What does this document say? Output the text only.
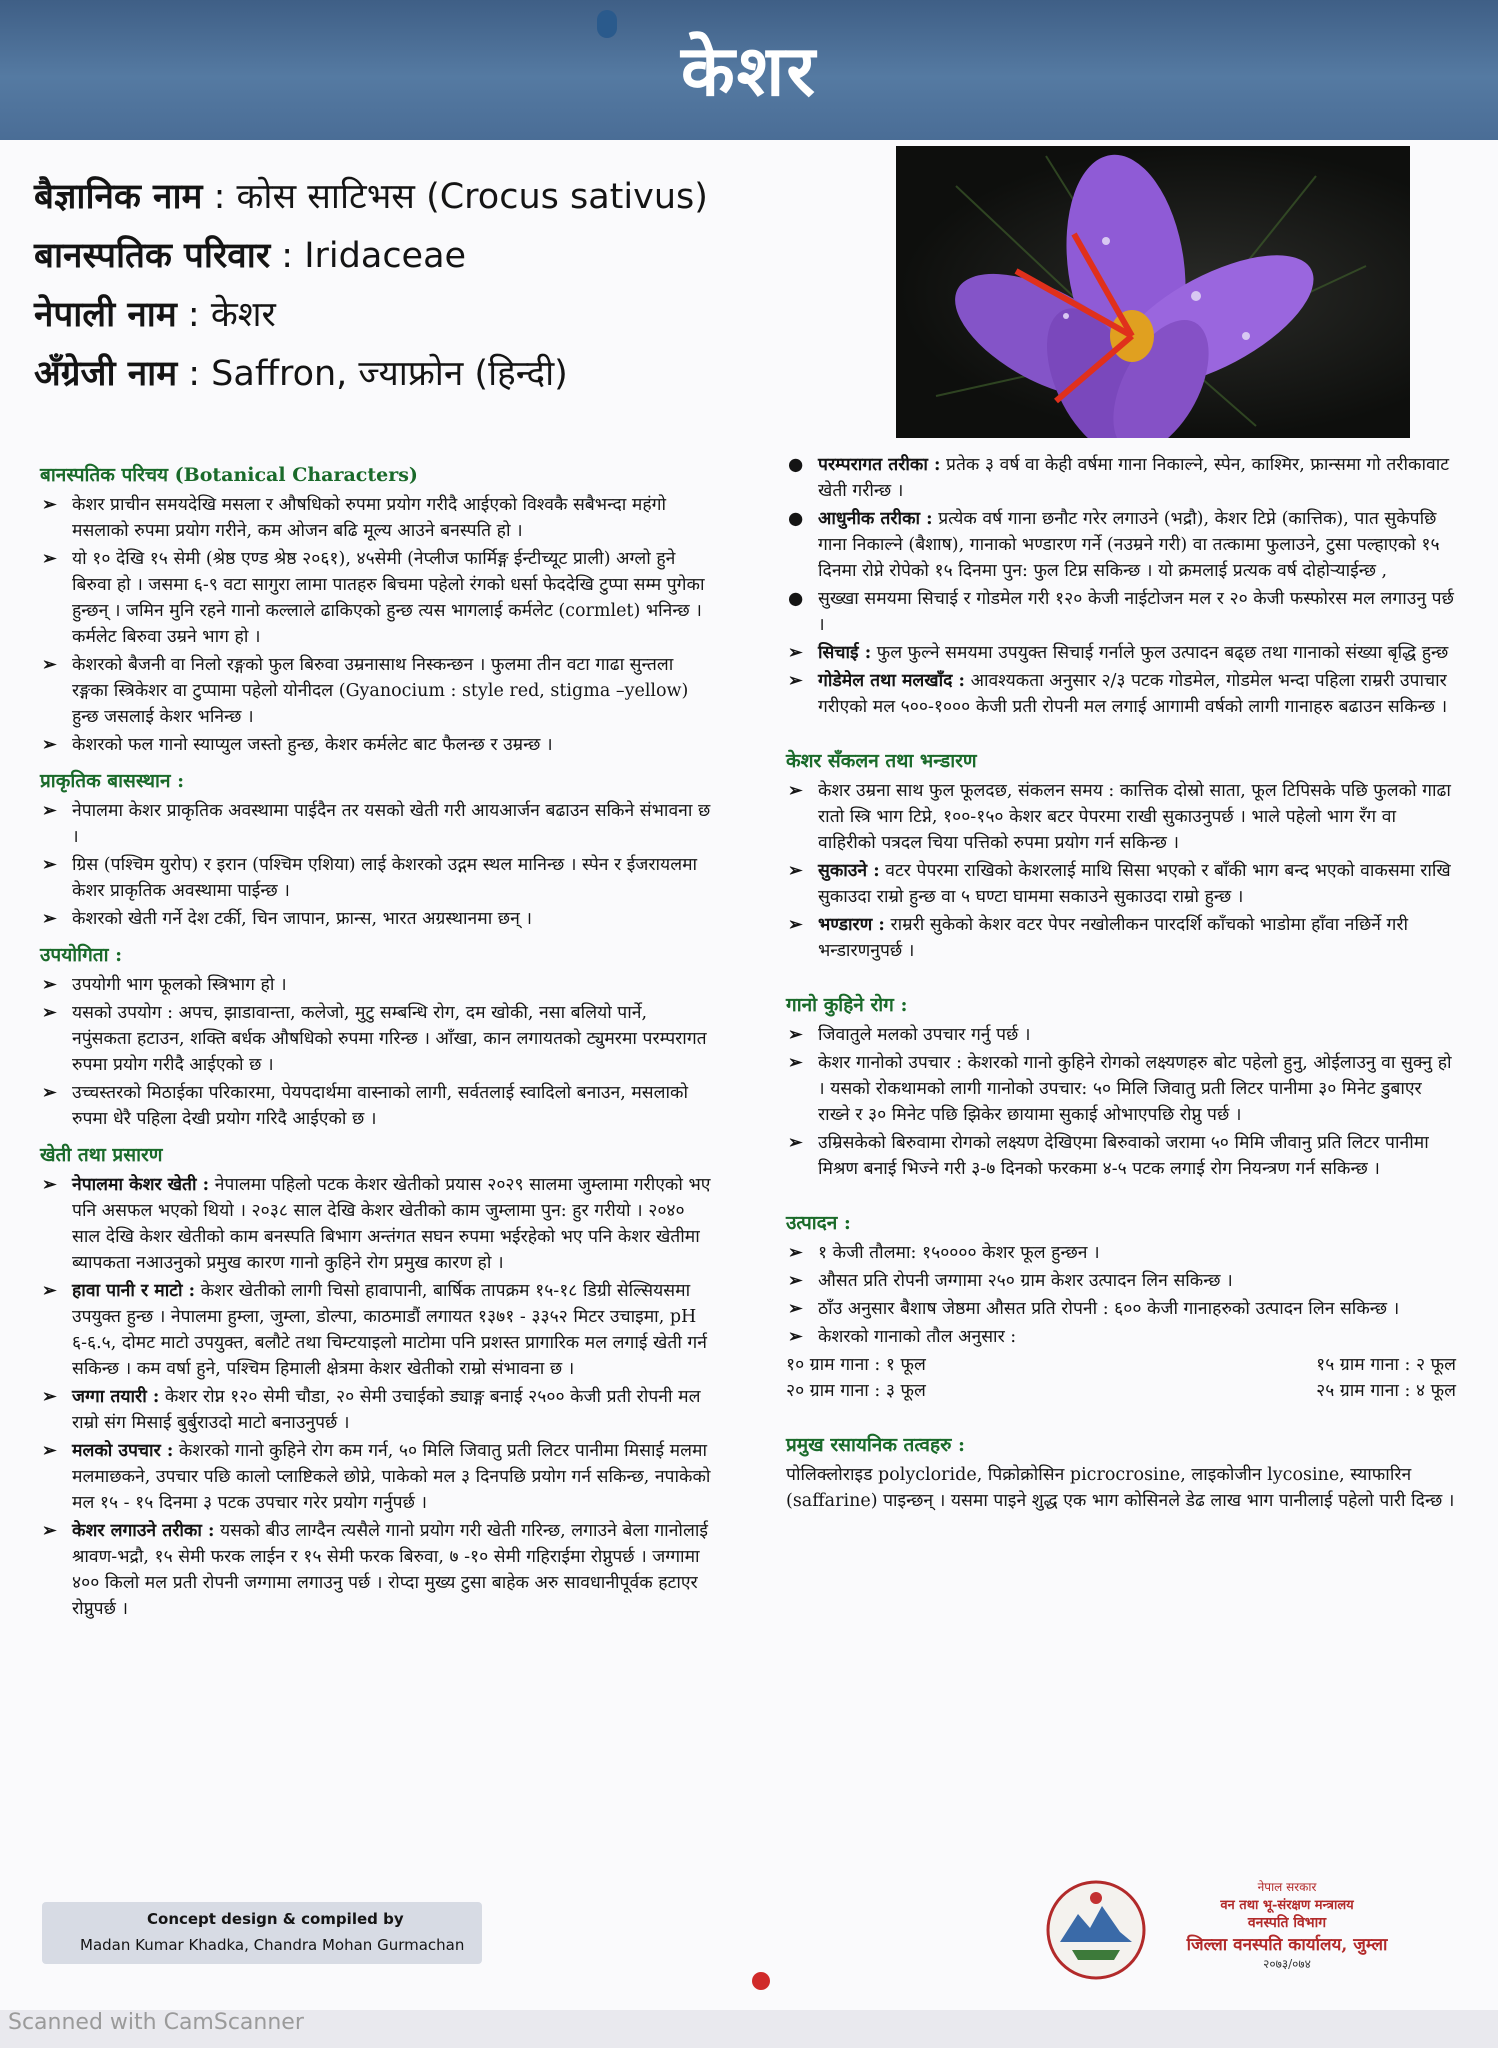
केशर
बैज्ञानिक नाम : कोस साटिभस (Crocus sativus)
बानस्पतिक परिवार : Iridaceae
नेपाली नाम : केशर
अँग्रेजी नाम : Saffron, ज्याफ्रोन (हिन्दी)
बानस्पतिक परिचय (Botanical Characters)
➢ केशर प्राचीन समयदेखि मसला र औषधिको रुपमा प्रयोग गरीदै आईएको विश्वकै सबैभन्दा महंगो मसलाको रुपमा प्रयोग गरीने, कम ओजन बढि मूल्य आउने बनस्पति हो ।
➢ यो १० देखि १५ सेमी (श्रेष्ठ एण्ड श्रेष्ठ २०६१), ४५सेमी (नेप्लीज फार्मिङ्ग ईन्टीच्यूट प्राली) अग्लो हुने बिरुवा हो । जसमा ६-९ वटा सागुरा लामा पातहरु बिचमा पहेलो रंगको धर्सा फेददेखि टुप्पा सम्म पुगेका हुन्छन् । जमिन मुनि रहने गानो कल्लाले ढाकिएको हुन्छ त्यस भागलाई कर्मलेट (cormlet) भनिन्छ । कर्मलेट बिरुवा उम्रने भाग हो ।
➢ केशरको बैजनी वा निलो रङ्गको फुल बिरुवा उम्रनासाथ निस्कन्छन । फुलमा तीन वटा गाढा सुन्तला रङ्गका स्त्रिकेशर वा टुप्पामा पहेलो योनीदल (Gyanocium : style red, stigma –yellow) हुन्छ जसलाई केशर भनिन्छ ।
➢ केशरको फल गानो स्याप्युल जस्तो हुन्छ, केशर कर्मलेट बाट फैलन्छ र उम्रन्छ ।
प्राकृतिक बासस्थान :
➢ नेपालमा केशर प्राकृतिक अवस्थामा पाईदैन तर यसको खेती गरी आयआर्जन बढाउन सकिने संभावना छ ।
➢ ग्रिस (पश्चिम युरोप) र इरान (पश्चिम एशिया) लाई केशरको उद्गम स्थल मानिन्छ । स्पेन र ईजरायलमा केशर प्राकृतिक अवस्थामा पाईन्छ ।
➢ केशरको खेती गर्ने देश टर्की, चिन जापान, फ्रान्स, भारत अग्रस्थानमा छन् ।
उपयोगिता :
➢ उपयोगी भाग फूलको स्त्रिभाग हो ।
➢ यसको उपयोग : अपच, झाडावान्ता, कलेजो, मुटु सम्बन्धि रोग, दम खोकी, नसा बलियो पार्ने, नपुंसकता हटाउन, शक्ति बर्धक औषधिको रुपमा गरिन्छ । आँखा, कान लगायतको ट्युमरमा परम्परागत रुपमा प्रयोग गरीदै आईएको छ ।
➢ उच्चस्तरको मिठाईका परिकारमा, पेयपदार्थमा वास्नाको लागी, सर्वतलाई स्वादिलो बनाउन, मसलाको रुपमा धेरै पहिला देखी प्रयोग गरिदै आईएको छ ।
खेती तथा प्रसारण
➢ नेपालमा केशर खेती : नेपालमा पहिलो पटक केशर खेतीको प्रयास २०२९ सालमा जुम्लामा गरीएको भए पनि असफल भएको थियो । २०३८ साल देखि केशर खेतीको काम जुम्लामा पुन: हुर गरीयो । २०४० साल देखि केशर खेतीको काम बनस्पति बिभाग अन्तंगत सघन रुपमा भईरहेको भए पनि केशर खेतीमा ब्यापकता नआउनुको प्रमुख कारण गानो कुहिने रोग प्रमुख कारण हो ।
➢ हावा पानी र माटो : केशर खेतीको लागी चिसो हावापानी, बार्षिक तापक्रम १५-१८ डिग्री सेल्सियसमा उपयुक्त हुन्छ । नेपालमा हुम्ला, जुम्ला, डोल्पा, काठमाडौं लगायत १३७१ - ३३५२ मिटर उचाइमा, pH ६-६.५, दोमट माटो उपयुक्त, बलौटे तथा चिम्टयाइलो माटोमा पनि प्रशस्त प्रागारिक मल लगाई खेती गर्न सकिन्छ । कम वर्षा हुने, पश्चिम हिमाली क्षेत्रमा केशर खेतीको राम्रो संभावना छ ।
➢ जग्गा तयारी : केशर रोप्न १२० सेमी चौडा, २० सेमी उचाईको ड्याङ्ग बनाई २५०० केजी प्रती रोपनी मल राम्रो संग मिसाई बुर्बुराउदो माटो बनाउनुपर्छ ।
➢ मलको उपचार : केशरको गानो कुहिने रोग कम गर्न, ५० मिलि जिवातु प्रती लिटर पानीमा मिसाई मलमा मलमाछकने, उपचार पछि कालो प्लाष्टिकले छोप्ने, पाकेको मल ३ दिनपछि प्रयोग गर्न सकिन्छ, नपाकेको मल १५ - १५ दिनमा ३ पटक उपचार गरेर प्रयोग गर्नुपर्छ ।
➢ केशर लगाउने तरीका : यसको बीउ लाग्दैन त्यसैले गानो प्रयोग गरी खेती गरिन्छ, लगाउने बेला गानोलाई श्रावण-भद्रौ, १५ सेमी फरक लाईन र १५ सेमी फरक बिरुवा, ७ -१० सेमी गहिराईमा रोप्नुपर्छ । जग्गामा ४०० किलो मल प्रती रोपनी जग्गामा लगाउनु पर्छ । रोप्दा मुख्य टुसा बाहेक अरु सावधानीपूर्वक हटाएर रोप्नुपर्छ ।
● परम्परागत तरीका : प्रतेक ३ वर्ष वा केही वर्षमा गाना निकाल्ने, स्पेन, काश्मिर, फ्रान्समा गो तरीकावाट खेती गरीन्छ ।
● आधुनीक तरीका : प्रत्येक वर्ष गाना छनौट गरेर लगाउने (भद्रौ), केशर टिप्ने (कात्तिक), पात सुकेपछि गाना निकाल्ने (बैशाष), गानाको भण्डारण गर्ने (नउम्रने गरी) वा तत्कामा फुलाउने, टुसा पल्हाएको १५ दिनमा रोप्ने रोपेको १५ दिनमा पुन: फुल टिप्न सकिन्छ । यो क्रमलाई प्रत्यक वर्ष दोहोऱ्याईन्छ ,
● सुख्खा समयमा सिचाई र गोडमेल गरी १२० केजी नाईटोजन मल र २० केजी फस्फोरस मल लगाउनु पर्छ ।
➢ सिचाई : फुल फुल्ने समयमा उपयुक्त सिचाई गर्नाले फुल उत्पादन बढ्छ तथा गानाको संख्या बृद्धि हुन्छ
➢ गोडेमेल तथा मलखाँद : आवश्यकता अनुसार २/३ पटक गोडमेल, गोडमेल भन्दा पहिला राम्ररी उपाचार गरीएको मल ५००-१००० केजी प्रती रोपनी मल लगाई आगामी वर्षको लागी गानाहरु बढाउन सकिन्छ ।
केशर सँकलन तथा भन्डारण
➢ केशर उम्रना साथ फुल फूलदछ, संकलन समय : कात्तिक दोस्रो साता, फूल टिपिसके पछि फुलको गाढा रातो स्त्रि भाग टिप्ने, १००-१५० केशर बटर पेपरमा राखी सुकाउनुपर्छ । भाले पहेलो भाग रँग वा वाहिरीको पत्रदल चिया पत्तिको रुपमा प्रयोग गर्न सकिन्छ ।
➢ सुकाउने : वटर पेपरमा राखिको केशरलाई माथि सिसा भएको र बाँकी भाग बन्द भएको वाकसमा राखि सुकाउदा राम्रो हुन्छ वा ५ घण्टा घाममा सकाउने सुकाउदा राम्रो हुन्छ ।
➢ भण्डारण : राम्ररी सुकेको केशर वटर पेपर नखोलीकन पारदर्शि काँचको भाडोमा हाँवा नछिर्ने गरी भन्डारणनुपर्छ ।
गानो कुहिने रोग :
➢ जिवातुले मलको उपचार गर्नु पर्छ ।
➢ केशर गानोको उपचार : केशरको गानो कुहिने रोगको लक्ष्यणहरु बोट पहेलो हुनु, ओईलाउनु वा सुक्नु हो । यसको रोकथामको लागी गानोको उपचार: ५० मिलि जिवातु प्रती लिटर पानीमा ३० मिनेट डुबाएर राख्ने र ३० मिनेट पछि झिकेर छायामा सुकाई ओभाएपछि रोप्नु पर्छ ।
➢ उम्रिसकेको बिरुवामा रोगको लक्ष्यण देखिएमा बिरुवाको जरामा ५० मिमि जीवानु प्रति लिटर पानीमा मिश्रण बनाई भिज्ने गरी ३-७ दिनको फरकमा ४-५ पटक लगाई रोग नियन्त्रण गर्न सकिन्छ ।
उत्पादन :
➢ १ केजी तौलमा: १५०००० केशर फूल हुन्छन ।
➢ औसत प्रति रोपनी जग्गामा २५० ग्राम केशर उत्पादन लिन सकिन्छ ।
➢ ठाँउ अनुसार बैशाष जेष्ठमा औसत प्रति रोपनी : ६०० केजी गानाहरुको उत्पादन लिन सकिन्छ ।
➢ केशरको गानाको तौल अनुसार :
१० ग्राम गाना : १ फूल	१५ ग्राम गाना : २ फूल
२० ग्राम गाना : ३ फूल	२५ ग्राम गाना : ४ फूल
प्रमुख रसायनिक तत्वहरु :
पोलिक्लोराइड polycloride, पिक्रोक्रोसिन picrocrosine, लाइकोजीन lycosine, स्याफारिन (saffarine) पाइन्छन् । यसमा पाइने शुद्ध एक भाग कोसिनले डेढ लाख भाग पानीलाई पहेलो पारी दिन्छ ।
Concept design & compiled by
Madan Kumar Khadka, Chandra Mohan Gurmachan
नेपाल सरकार
वन तथा भू-संरक्षण मन्त्रालय
वनस्पति विभाग
जिल्ला वनस्पति कार्यालय, जुम्ला
२०७३/०७४
Scanned with CamScanner
